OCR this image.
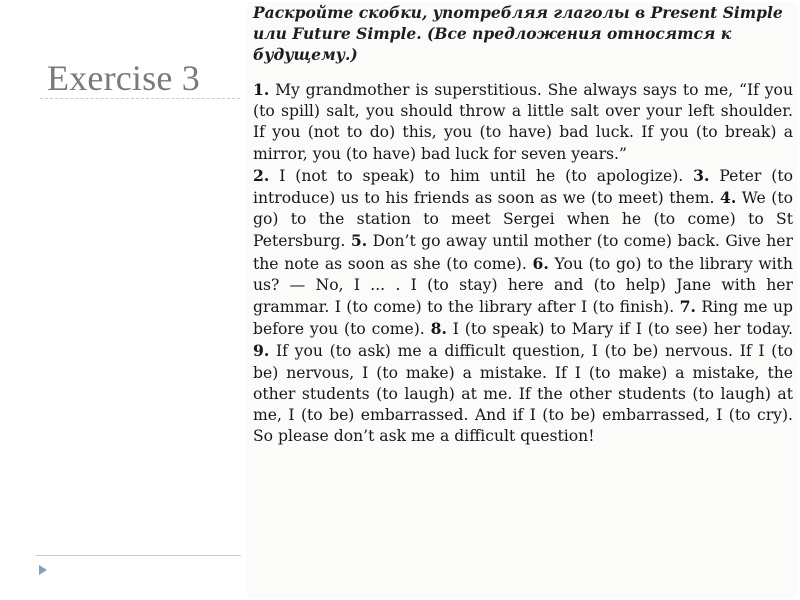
Exercise 3

Раскройте скобки, употребляя глаголы в Present Simple или Future Simple. (Все предложения относятся к будущему.)

1. My grandmother is superstitious. She always says to me, “If you (to spill) salt, you should throw a little salt over your left shoulder. If you (not to do) this, you (to have) bad luck. If you (to break) a mirror, you (to have) bad luck for seven years.”
2. I (not to speak) to him until he (to apologize). 3. Peter (to introduce) us to his friends as soon as we (to meet) them. 4. We (to go) to the station to meet Sergei when he (to come) to St Petersburg. 5. Don’t go away until mother (to come) back. Give her the note as soon as she (to come). 6. You (to go) to the library with us? — No, I ... . I (to stay) here and (to help) Jane with her grammar. I (to come) to the library after I (to finish). 7. Ring me up before you (to come). 8. I (to speak) to Mary if I (to see) her today. 9. If you (to ask) me a difficult question, I (to be) nervous. If I (to be) nervous, I (to make) a mistake. If I (to make) a mistake, the other students (to laugh) at me. If the other students (to laugh) at me, I (to be) embarrassed. And if I (to be) embarrassed, I (to cry). So please don’t ask me a difficult question!
